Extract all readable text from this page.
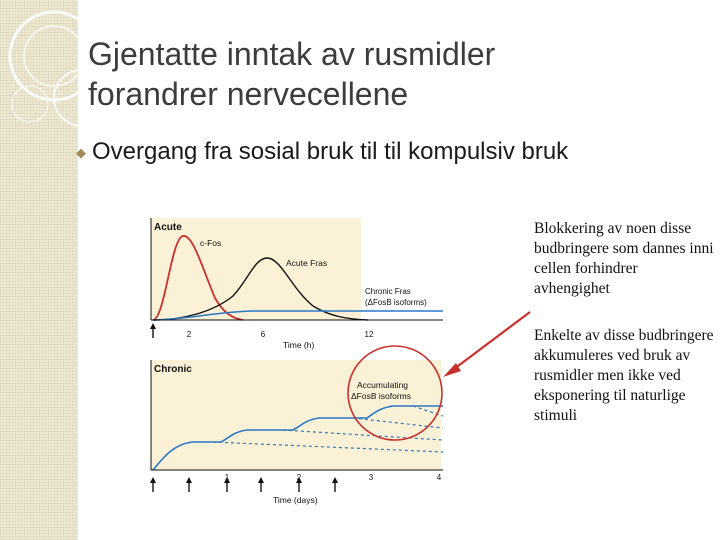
Gjentatte inntak av rusmidler
forandrer nervecellene
◆ Overgang fra sosial bruk til til kompulsiv bruk
Acute
c-Fos
Acute Fras
Chronic Fras
(ΔFosB isoforms)
2	6	12
Time (h)
Chronic
Accumulating
ΔFosB isoforms
1	2	3	4
Time (days)
Blokkering av noen disse budbringere som dannes inni cellen forhindrer avhengighet
Enkelte av disse budbringere akkumuleres ved bruk av rusmidler men ikke ved eksponering til naturlige stimuli
